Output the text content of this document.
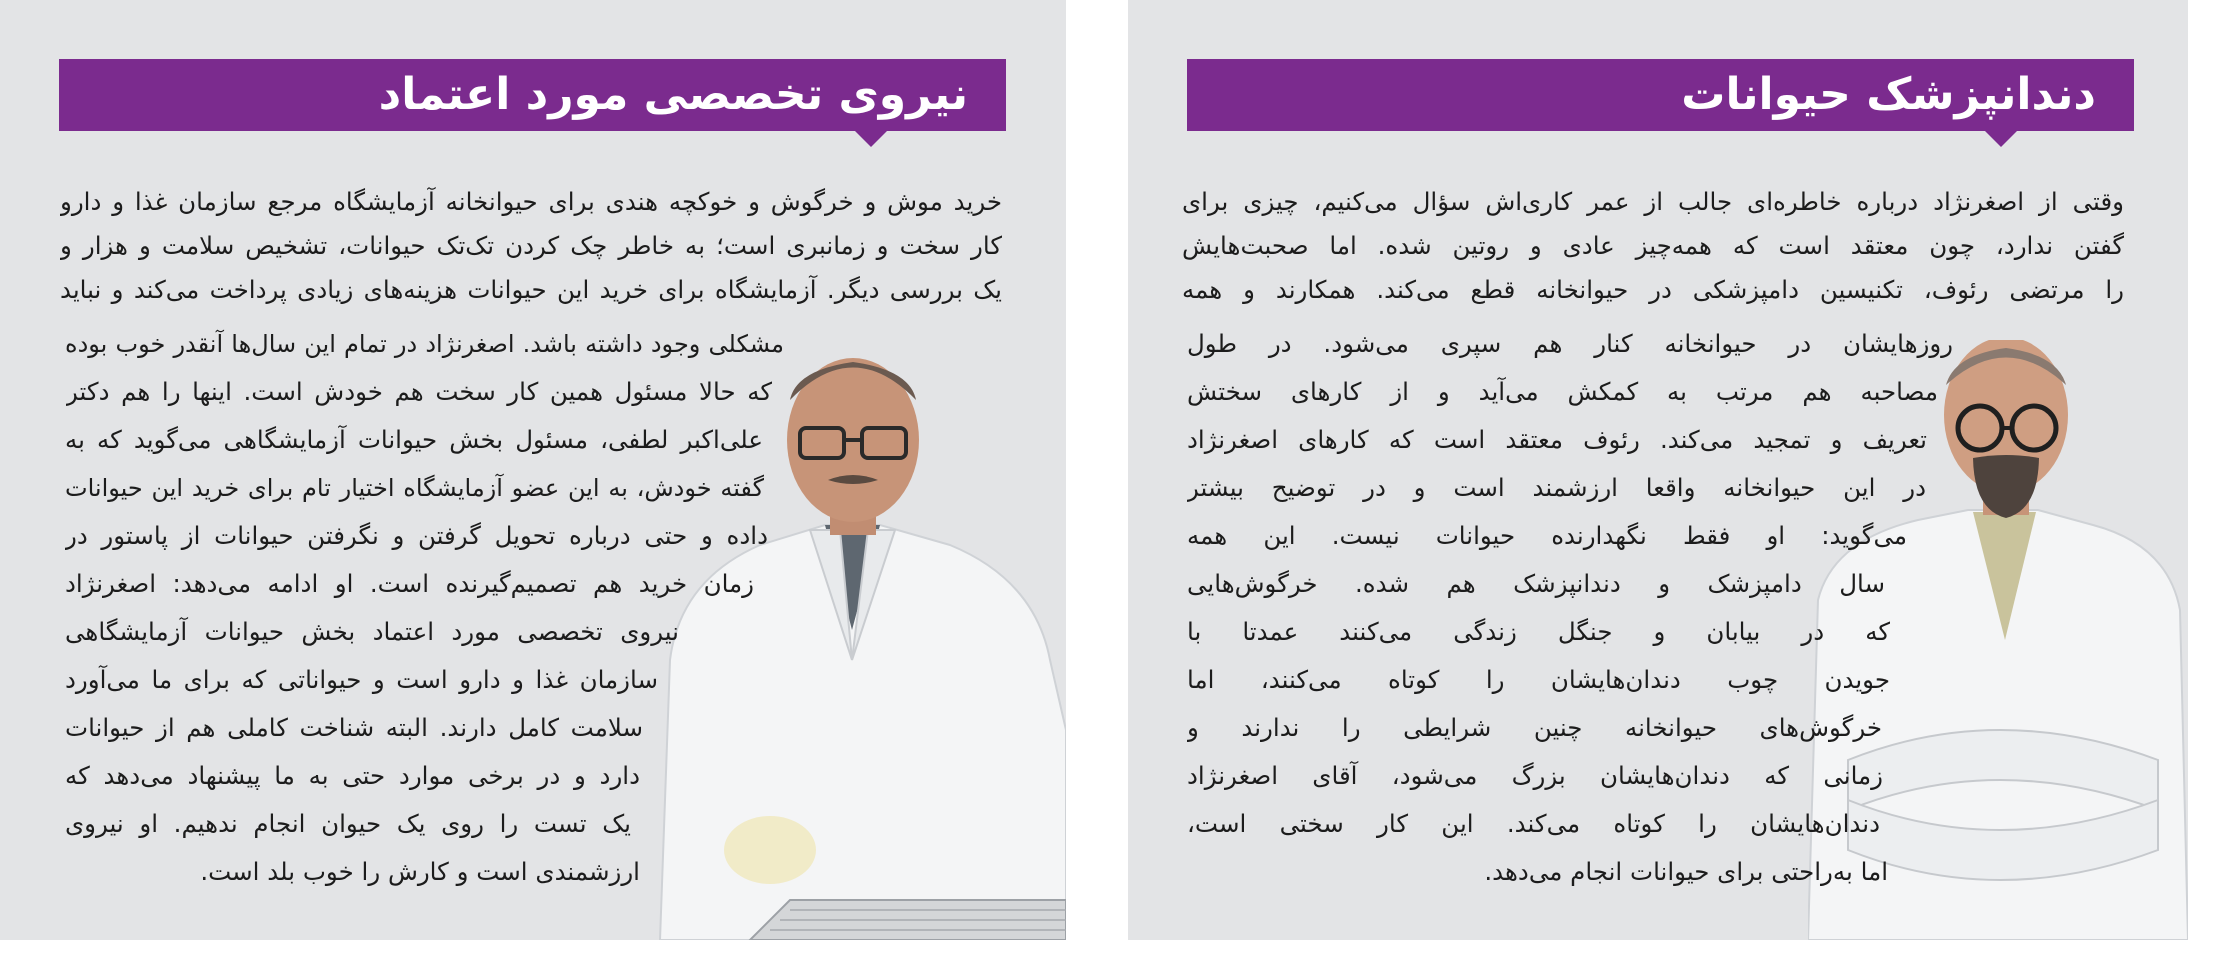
نیروی تخصصی مورد اعتماد
خرید موش و خرگوش و خوکچه هندی برای حیوانخانه آزمایشگاه مرجع سازمان غذا و دارو
کار سخت و زمانبری است؛ به خاطر چک کردن تک‌تک حیوانات، تشخیص سلامت و هزار و
یک بررسی دیگر. آزمایشگاه برای خرید این حیوانات هزینه‌های زیادی پرداخت می‌کند و نباید
مشکلی وجود داشته باشد. اصغرنژاد در تمام این سال‌ها آنقدر خوب بوده
که حالا مسئول همین کار سخت هم خودش است. اینها را هم دکتر
علی‌اکبر لطفی، مسئول بخش حیوانات آزمایشگاهی می‌گوید که به
گفته خودش، به این عضو آزمایشگاه اختیار تام برای خرید این حیوانات
داده و حتی درباره تحویل گرفتن و نگرفتن حیوانات از پاستور در
زمان خرید هم تصمیم‌گیرنده است. او ادامه می‌دهد: اصغرنژاد
نیروی تخصصی مورد اعتماد بخش حیوانات آزمایشگاهی
سازمان غذا و دارو است و حیواناتی که برای ما می‌آورد
سلامت کامل دارند. البته شناخت کاملی هم از حیوانات
دارد و در برخی موارد حتی به ما پیشنهاد می‌دهد که
یک تست را روی یک حیوان انجام ندهیم. او نیروی
ارزشمندی است و کارش را خوب بلد است.
دندانپزشک حیوانات
وقتی از اصغرنژاد درباره خاطره‌ای جالب از عمر کاری‌اش سؤال می‌کنیم، چیزی برای
گفتن ندارد، چون معتقد است که همه‌چیز عادی و روتین شده. اما صحبت‌هایش
را مرتضی رئوف، تکنیسین دامپزشکی در حیوانخانه قطع می‌کند. همکارند و همه
روزهایشان در حیوانخانه کنار هم سپری می‌شود. در طول
مصاحبه هم مرتب به کمکش می‌آید و از کارهای سختش
تعریف و تمجید می‌کند. رئوف معتقد است که کارهای اصغرنژاد
در این حیوانخانه واقعا ارزشمند است و در توضیح بیشتر
می‌گوید: او فقط نگهدارنده حیوانات نیست. این همه
سال دامپزشک و دندانپزشک هم شده. خرگوش‌هایی
که در بیابان و جنگل زندگی می‌کنند عمدتا با
جویدن چوب دندان‌هایشان را کوتاه می‌کنند، اما
خرگوش‌های حیوانخانه چنین شرایطی را ندارند و
زمانی که دندان‌هایشان بزرگ می‌شود، آقای اصغرنژاد
دندان‌هایشان را کوتاه می‌کند. این کار سختی است،
اما به‌راحتی برای حیوانات انجام می‌دهد.
